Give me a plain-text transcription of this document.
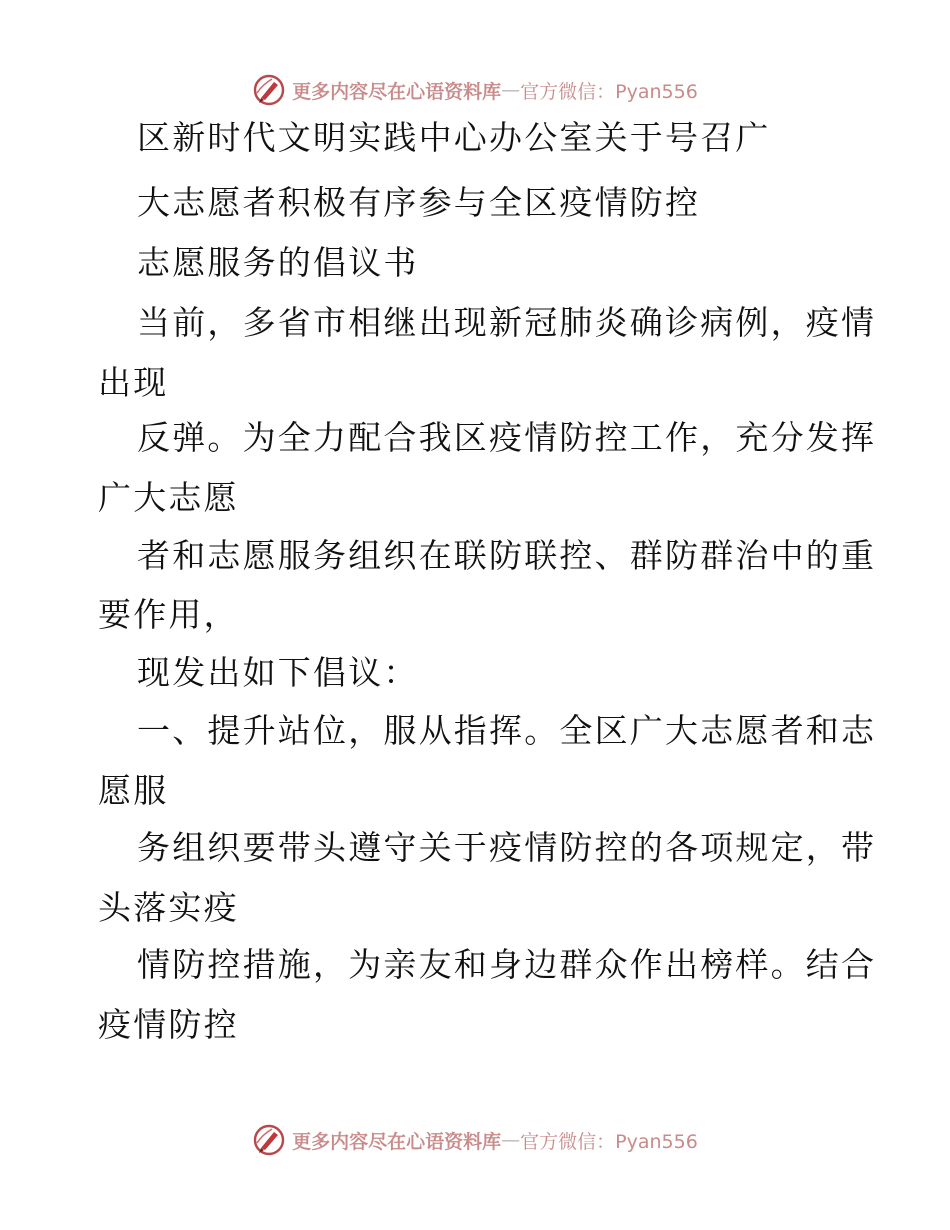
更多内容尽在心语资料库 — 官方微信：Pyan556
区新时代文明实践中心办公室关于号召广
大志愿者积极有序参与全区疫情防控
志愿服务的倡议书
当前，多省市相继出现新冠肺炎确诊病例，疫情
出现
反弹。为全力配合我区疫情防控工作，充分发挥
广大志愿
者和志愿服务组织在联防联控、群防群治中的重
要作用，
现发出如下倡议：
一、提升站位，服从指挥。全区广大志愿者和志
愿服
务组织要带头遵守关于疫情防控的各项规定，带
头落实疫
情防控措施，为亲友和身边群众作出榜样。结合
疫情防控
更多内容尽在心语资料库 — 官方微信：Pyan556
